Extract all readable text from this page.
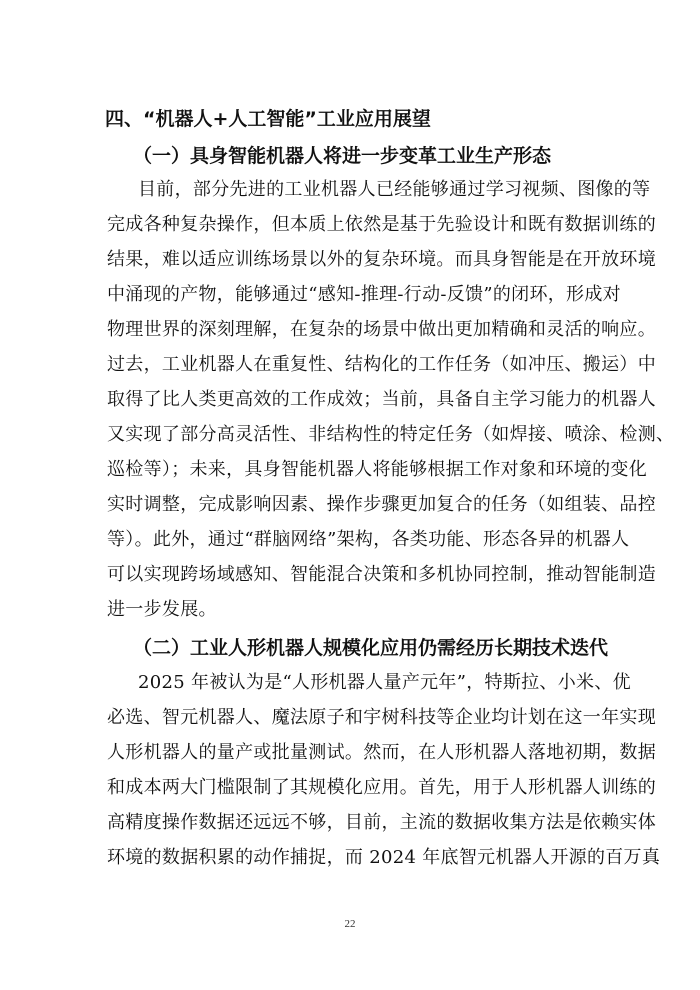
四、“机器人+人工智能”工业应用展望
（一）具身智能机器人将进一步变革工业生产形态
目前，部分先进的工业机器人已经能够通过学习视频、图像的等
完成各种复杂操作，但本质上依然是基于先验设计和既有数据训练的
结果，难以适应训练场景以外的复杂环境。而具身智能是在开放环境
中涌现的产物，能够通过“感知-推理-行动-反馈”的闭环，形成对
物理世界的深刻理解，在复杂的场景中做出更加精确和灵活的响应。
过去，工业机器人在重复性、结构化的工作任务（如冲压、搬运）中
取得了比人类更高效的工作成效；当前，具备自主学习能力的机器人
又实现了部分高灵活性、非结构性的特定任务（如焊接、喷涂、检测、
巡检等）；未来，具身智能机器人将能够根据工作对象和环境的变化
实时调整，完成影响因素、操作步骤更加复合的任务（如组装、品控
等）。此外，通过“群脑网络”架构，各类功能、形态各异的机器人
可以实现跨场域感知、智能混合决策和多机协同控制，推动智能制造
进一步发展。
（二）工业人形机器人规模化应用仍需经历长期技术迭代
2025 年被认为是“人形机器人量产元年”，特斯拉、小米、优
必选、智元机器人、魔法原子和宇树科技等企业均计划在这一年实现
人形机器人的量产或批量测试。然而，在人形机器人落地初期，数据
和成本两大门槛限制了其规模化应用。首先，用于人形机器人训练的
高精度操作数据还远远不够，目前，主流的数据收集方法是依赖实体
环境的数据积累的动作捕捉，而 2024 年底智元机器人开源的百万真
22
